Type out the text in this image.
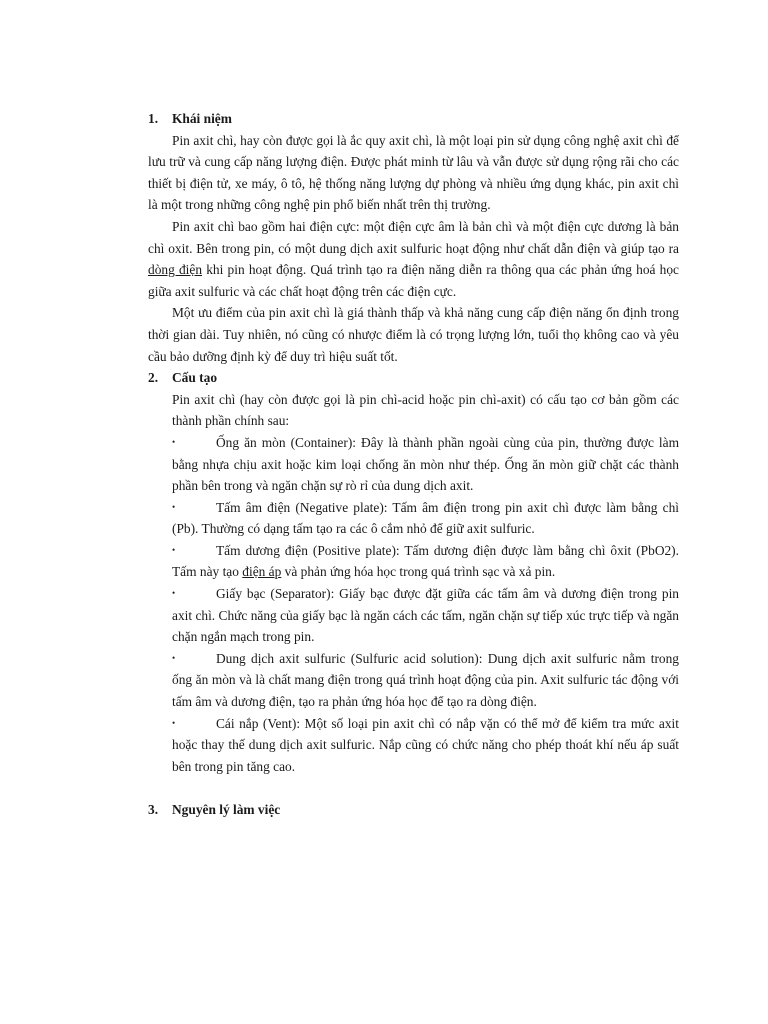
1.	Khái niệm

Pin axit chì, hay còn được gọi là ắc quy axit chì, là một loại pin sử dụng công nghệ axit chì để lưu trữ và cung cấp năng lượng điện. Được phát minh từ lâu và vẫn được sử dụng rộng rãi cho các thiết bị điện tử, xe máy, ô tô, hệ thống năng lượng dự phòng và nhiều ứng dụng khác, pin axit chì là một trong những công nghệ pin phổ biến nhất trên thị trường.

Pin axit chì bao gồm hai điện cực: một điện cực âm là bản chì và một điện cực dương là bản chì oxit. Bên trong pin, có một dung dịch axit sulfuric hoạt động như chất dẫn điện và giúp tạo ra dòng điện khi pin hoạt động. Quá trình tạo ra điện năng diễn ra thông qua các phản ứng hoá học giữa axit sulfuric và các chất hoạt động trên các điện cực.

Một ưu điểm của pin axit chì là giá thành thấp và khả năng cung cấp điện năng ổn định trong thời gian dài. Tuy nhiên, nó cũng có nhược điểm là có trọng lượng lớn, tuổi thọ không cao và yêu cầu bảo dưỡng định kỳ để duy trì hiệu suất tốt.

2.	Cấu tạo

Pin axit chì (hay còn được gọi là pin chì-acid hoặc pin chì-axit) có cấu tạo cơ bản gồm các thành phần chính sau:

•	Ống ăn mòn (Container): Đây là thành phần ngoài cùng của pin, thường được làm bằng nhựa chịu axit hoặc kim loại chống ăn mòn như thép. Ống ăn mòn giữ chặt các thành phần bên trong và ngăn chặn sự rò rỉ của dung dịch axit.

•	Tấm âm điện (Negative plate): Tấm âm điện trong pin axit chì được làm bằng chì (Pb). Thường có dạng tấm tạo ra các ô cắm nhỏ để giữ axit sulfuric.

•	Tấm dương điện (Positive plate): Tấm dương điện được làm bằng chì ôxit (PbO2). Tấm này tạo điện áp và phản ứng hóa học trong quá trình sạc và xả pin.

•	Giấy bạc (Separator): Giấy bạc được đặt giữa các tấm âm và dương điện trong pin axit chì. Chức năng của giấy bạc là ngăn cách các tấm, ngăn chặn sự tiếp xúc trực tiếp và ngăn chặn ngắn mạch trong pin.

•	Dung dịch axit sulfuric (Sulfuric acid solution): Dung dịch axit sulfuric nằm trong ống ăn mòn và là chất mang điện trong quá trình hoạt động của pin. Axit sulfuric tác động với tấm âm và dương điện, tạo ra phản ứng hóa học để tạo ra dòng điện.

•	Cái nắp (Vent): Một số loại pin axit chì có nắp vặn có thể mở để kiểm tra mức axit hoặc thay thế dung dịch axit sulfuric. Nắp cũng có chức năng cho phép thoát khí nếu áp suất bên trong pin tăng cao.

3.	Nguyên lý làm việc
